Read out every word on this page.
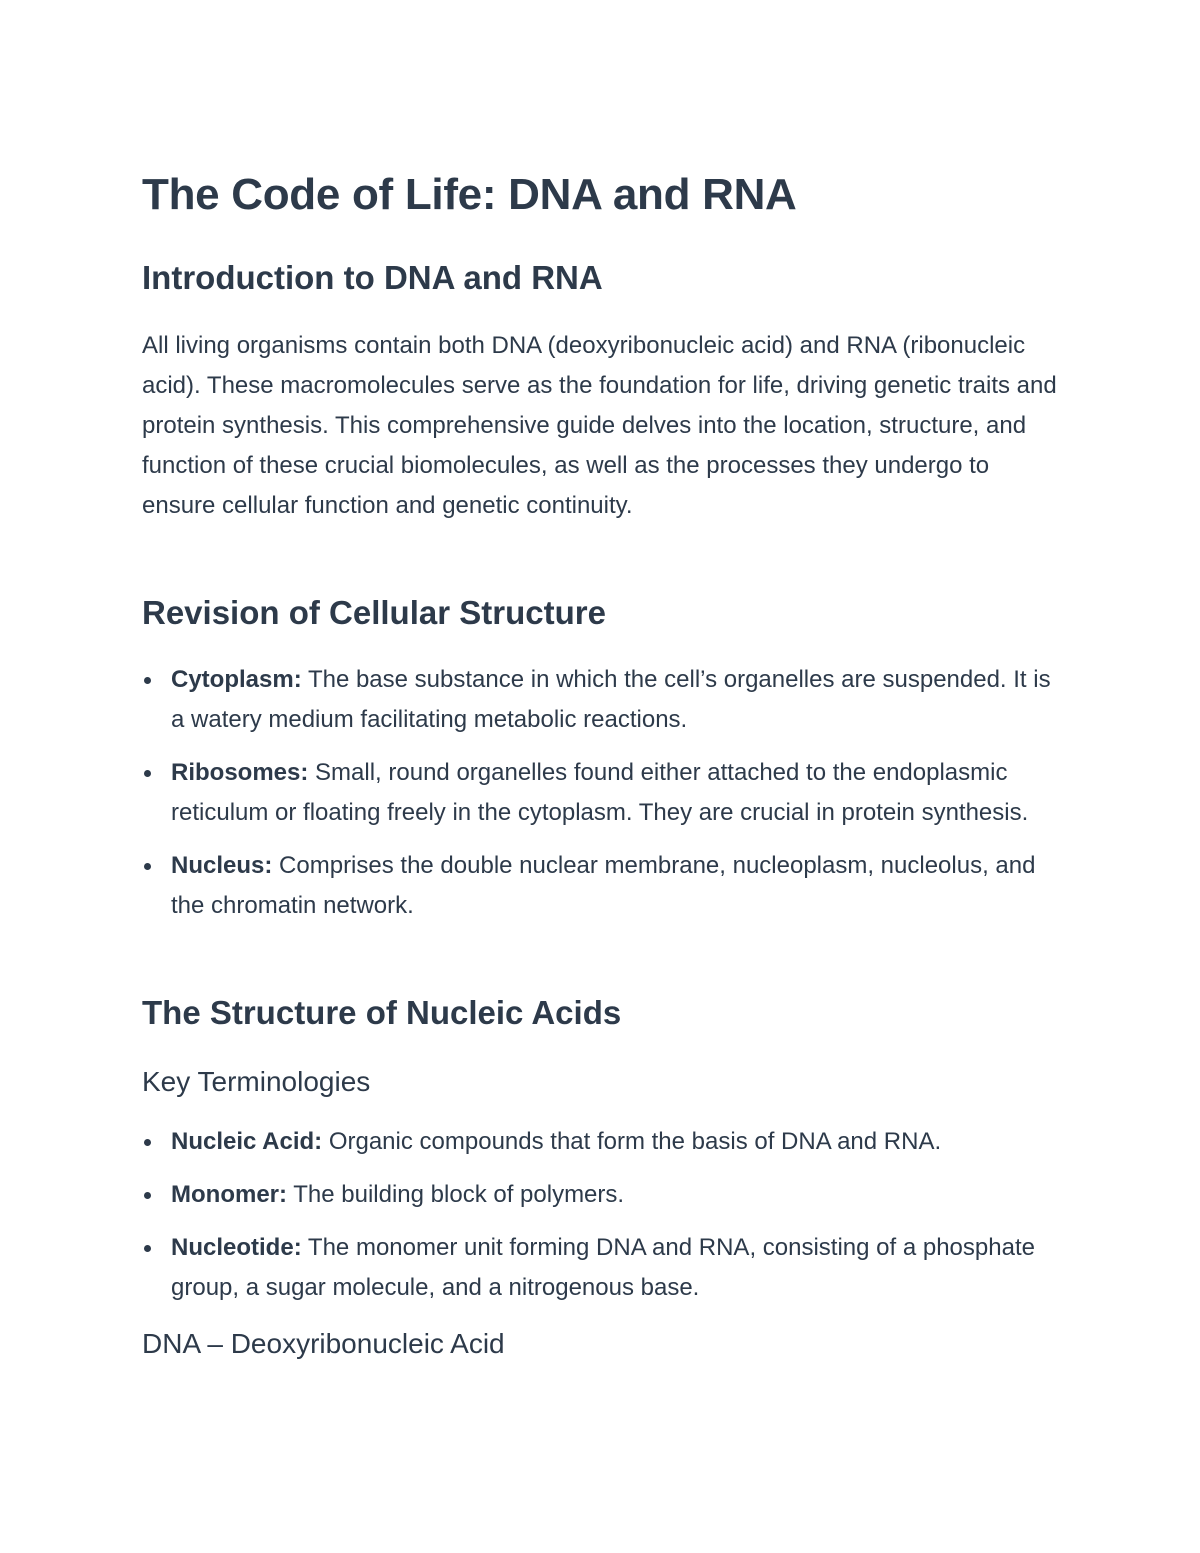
The Code of Life: DNA and RNA
Introduction to DNA and RNA

All living organisms contain both DNA (deoxyribonucleic acid) and RNA (ribonucleic acid). These macromolecules serve as the foundation for life, driving genetic traits and protein synthesis. This comprehensive guide delves into the location, structure, and function of these crucial biomolecules, as well as the processes they undergo to ensure cellular function and genetic continuity.

Revision of Cellular Structure
Cytoplasm: The base substance in which the cell’s organelles are suspended. It is a watery medium facilitating metabolic reactions.
Ribosomes: Small, round organelles found either attached to the endoplasmic reticulum or floating freely in the cytoplasm. They are crucial in protein synthesis.
Nucleus: Comprises the double nuclear membrane, nucleoplasm, nucleolus, and the chromatin network.
The Structure of Nucleic Acids
Key Terminologies
Nucleic Acid: Organic compounds that form the basis of DNA and RNA.
Monomer: The building block of polymers.
Nucleotide: The monomer unit forming DNA and RNA, consisting of a phosphate group, a sugar molecule, and a nitrogenous base.
DNA – Deoxyribonucleic Acid
